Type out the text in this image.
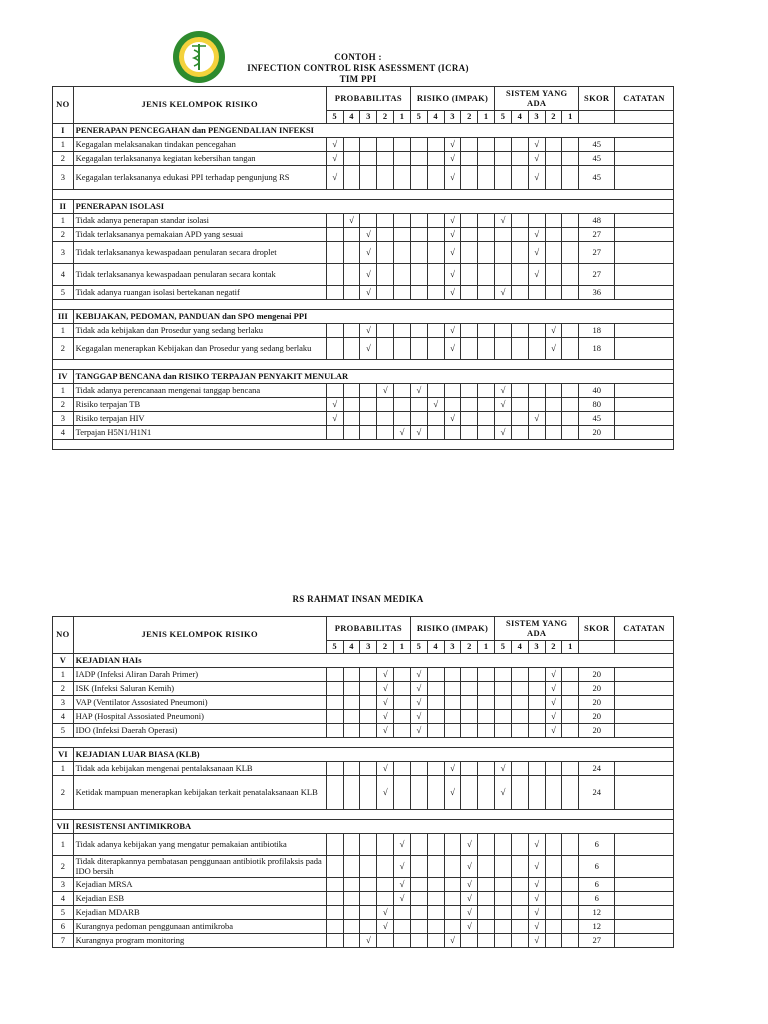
CONTOH :
INFECTION CONTROL RISK ASESSMENT (ICRA)
TIM PPI
NO	JENIS KELOMPOK RISIKO	PROBABILITAS					RISIKO (IMPAK)					SISTEM YANG ADA					SKOR	CATATAN
		5	4	3	2	1	5	4	3	2	1	5	4	3	2	1		
I	PENERAPAN PENCEGAHAN dan PENGENDALIAN INFEKSI																	
1	Kegagalan melaksanakan tindakan pencegahan	√							√					√			45	
2	Kegagalan terlaksananya kegiatan kebersihan tangan	√							√					√			45	
3	Kegagalan terlaksananya edukasi PPI terhadap pengunjung RS	√							√					√			45	

II	PENERAPAN ISOLASI																	
1	Tidak adanya penerapan standar isolasi		√						√			√					48	
2	Tidak terlaksananya pemakaian APD yang sesuai			√					√					√			27	
3	Tidak terlaksananya kewaspadaan penularan secara droplet			√					√					√			27	
4	Tidak terlaksananya kewaspadaan penularan secara kontak			√					√					√			27	
5	Tidak adanya ruangan isolasi bertekanan negatif			√					√			√					36	

III	KEBIJAKAN, PEDOMAN, PANDUAN dan SPO mengenai PPI																	
1	Tidak ada kebijakan dan Prosedur yang sedang berlaku			√					√						√		18	
2	Kegagalan menerapkan Kebijakan dan Prosedur yang sedang berlaku			√					√						√		18	

IV	TANGGAP BENCANA dan RISIKO TERPAJAN PENYAKIT MENULAR																	
1	Tidak adanya perencanaan mengenai tanggap bencana				√		√					√					40	
2	Risiko terpajan TB	√						√				√					80	
3	Risiko terpajan HIV	√							√					√			45	
4	Terpajan H5N1/H1N1					√	√					√					20	

RS RAHMAT INSAN MEDIKA
NO	JENIS KELOMPOK RISIKO	PROBABILITAS					RISIKO (IMPAK)					SISTEM YANG ADA					SKOR	CATATAN
		5	4	3	2	1	5	4	3	2	1	5	4	3	2	1		
V	KEJADIAN HAIs																	
1	IADP (Infeksi Aliran Darah Primer)				√		√								√		20	
2	ISK (Infeksi Saluran Kemih)				√		√								√		20	
3	VAP (Ventilator Assosiated Pneumoni)				√		√								√		20	
4	HAP (Hospital Assosiated Pneumoni)				√		√								√		20	
5	IDO (Infeksi Daerah Operasi)				√		√								√		20	

VI	KEJADIAN LUAR BIASA (KLB)																	
1	Tidak ada kebijakan mengenai pentalaksanaan KLB				√				√			√					24	
2	Ketidak mampuan menerapkan kebijakan terkait penatalaksanaan KLB				√				√			√					24	

VII	RESISTENSI ANTIMIKROBA																	
1	Tidak adanya kebijakan yang mengatur pemakaian antibiotika					√				√				√			6	
2	Tidak diterapkannya pembatasan penggunaan antibiotik profilaksis pada IDO bersih					√				√				√			6	
3	Kejadian MRSA					√				√				√			6	
4	Kejadian ESB					√				√				√			6	
5	Kejadian MDARB				√					√				√			12	
6	Kurangnya pedoman penggunaan antimikroba				√					√				√			12	
7	Kurangnya program monitoring			√					√					√			27	
